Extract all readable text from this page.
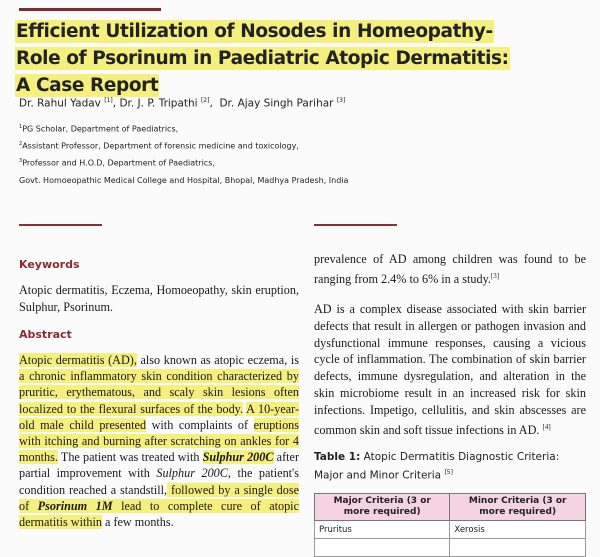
Efficient Utilization of Nosodes in Homeopathy-
Role of Psorinum in Paediatric Atopic Dermatitis:
A Case Report

Dr. Rahul Yadav [1], Dr. J. P. Tripathi [2],  Dr. Ajay Singh Parihar [3]

$^1$PG Scholar, Department of Paediatrics,

$^2$Assistant Professor, Department of forensic medicine and toxicology,

$^3$Professor and H.O.D, Department of Paediatrics,

Govt. Homoeopathic Medical College and Hospital, Bhopal, Madhya Pradesh, India

Keywords

Atopic dermatitis, Eczema, Homoeopathy, skin eruption, Sulphur, Psorinum.

Abstract

Atopic dermatitis (AD), also known as atopic eczema, is a chronic inflammatory skin condition characterized by pruritic, erythematous, and scaly skin lesions often localized to the flexural surfaces of the body. A 10-year-old male child presented with complaints of eruptions with itching and burning after scratching on ankles for 4 months. The patient was treated with Sulphur 200C after partial improvement with Sulphur 200C, the patient's condition reached a standstill, followed by a single dose of Psorinum 1M lead to complete cure of atopic dermatitis within a few months.

prevalence of AD among children was found to be ranging from 2.4% to 6% in a study.[3]

AD is a complex disease associated with skin barrier defects that result in allergen or pathogen invasion and dysfunctional immune responses, causing a vicious cycle of inflammation. The combination of skin barrier defects, immune dysregulation, and alteration in the skin microbiome result in an increased risk for skin infections. Impetigo, cellulitis, and skin abscesses are common skin and soft tissue infections in AD. [4]

Table 1: Atopic Dermatitis Diagnostic Criteria: Major and Minor Criteria [5]

Major Criteria (3 or more required)	Minor Criteria (3 or more required)
Pruritus	Xerosis
